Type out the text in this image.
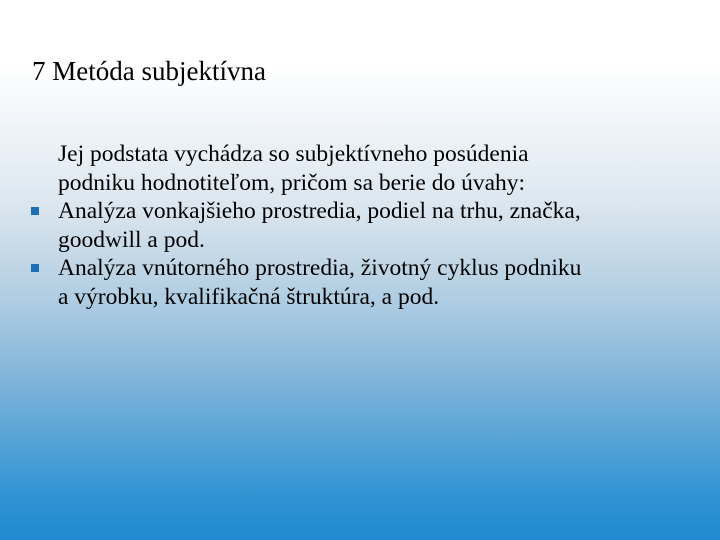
7 Metóda subjektívna
Jej podstata vychádza so subjektívneho posúdenia
podniku hodnotiteľom, pričom sa berie do úvahy:
Analýza vonkajšieho prostredia, podiel na trhu, značka,
goodwill a pod.
Analýza vnútorného prostredia, životný cyklus podniku
a výrobku, kvalifikačná štruktúra, a pod.
